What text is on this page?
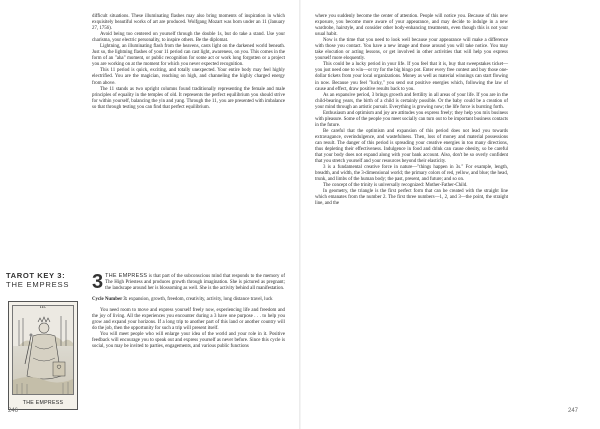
difficult situations. These illuminating flashes may also bring moments of inspiration in which exquisitely beautiful works of art are produced. Wolfgang Mozart was born under an 11 (January 27, 1756).

Avoid being too centered on yourself through the double 1s, but do take a stand. Use your charisma, your electric personality, to inspire others. Be the diplomat.

Lightning, an illuminating flash from the heavens, casts light on the darkened world beneath. Just so, the lightning flashes of your 11 period can cast light, awareness, on you. This comes in the form of an "aha" moment, or public recognition for some act or work long forgotten or a project you are working on at the moment for which you never expected recognition.

This 11 period is quick, exciting, and totally unexpected. Your entire body may feel highly electrified. You are the magician, reaching on high, and channeling the highly charged energy from above.

The 11 stands as two upright columns found traditionally representing the female and male principles of equality in the temples of old. It represents the perfect equilibrium you should strive for within yourself, balancing the yin and yang. Through the 11, you are presented with imbalance so that through testing you can find that perfect equilibrium.

TAROT KEY 3:
THE EMPRESS
III.
THE EMPRESS

3 THE EMPRESS is that part of the subconscious mind that responds to the memory of The High Priestess and produces growth through imagination. She is pictured as pregnant; the landscape around her is blossoming as well. She is the activity behind all manifestation.

Cycle Number 3: expansion, growth, freedom, creativity, activity, long distance travel, luck

You need room to move and express yourself freely now, experiencing life and freedom and the joy of living. All the experiences you encounter during a 3 have one purpose . . . to help you grow and expand your horizons. If a long trip to another part of this land or another country will do the job, then the opportunity for such a trip will present itself.

You will meet people who will enlarge your idea of the world and your role in it. Positive feedback will encourage you to speak out and express yourself as never before. Since this cycle is social, you may be invited to parties, engagements, and various public functions

where you suddenly become the center of attention. People will notice you. Because of this new exposure, you become more aware of your appearance, and may decide to indulge in a new wardrobe, hairstyle, and consider other body-enhancing treatments, even though this is not your usual habit.

Now is the time that you need to look well because your appearance will make a difference with those you contact. You have a new image and those around you will take notice. You may take elocution or acting lessons, or get involved in other activities that will help you express yourself more eloquently.

This could be a lucky period in your life. If you feel that it is, buy that sweepstakes ticket—you just need one to win—or try for the big bingo pot. Enter every free contest and buy those one-dollar tickets from your local organizations. Money as well as material winnings can start flowing in now. Because you feel "lucky," you send out positive energies which, following the law of cause and effect, draw positive results back to you.

As an expansive period, 3 brings growth and fertility in all areas of your life. If you are in the child-bearing years, the birth of a child is certainly possible. Or the baby could be a creation of your mind through an artistic pursuit. Everything is growing now; the life force is bursting forth.

Enthusiasm and optimism and joy are attitudes you express freely; they help you mix business with pleasure. Some of the people you meet socially can turn out to be important business contacts in the future.

Be careful that the optimism and expansion of this period does not lead you towards extravagance, overindulgence, and wastefulness. Then, loss of money and material possessions can result. The danger of this period is spreading your creative energies in too many directions, thus depleting their effectiveness. Indulgence in food and drink can cause obesity, so be careful that your body does not expand along with your bank account. Also, don't be so overly confident that you stretch yourself and your resources beyond their elasticity.

3 is a fundamental creative force in nature—"things happen in 3s." For example, length, breadth, and width, the 3-dimensional world; the primary colors of red, yellow, and blue; the head, trunk, and limbs of the human body; the past, present, and future; and so on.

The concept of the trinity is universally recognized: Mother-Father-Child.

In geometry, the triangle is the first perfect form that can be created with the straight line which emanates from the number 2. The first three numbers—1, 2, and 3—the point, the straight line, and the

246	247
